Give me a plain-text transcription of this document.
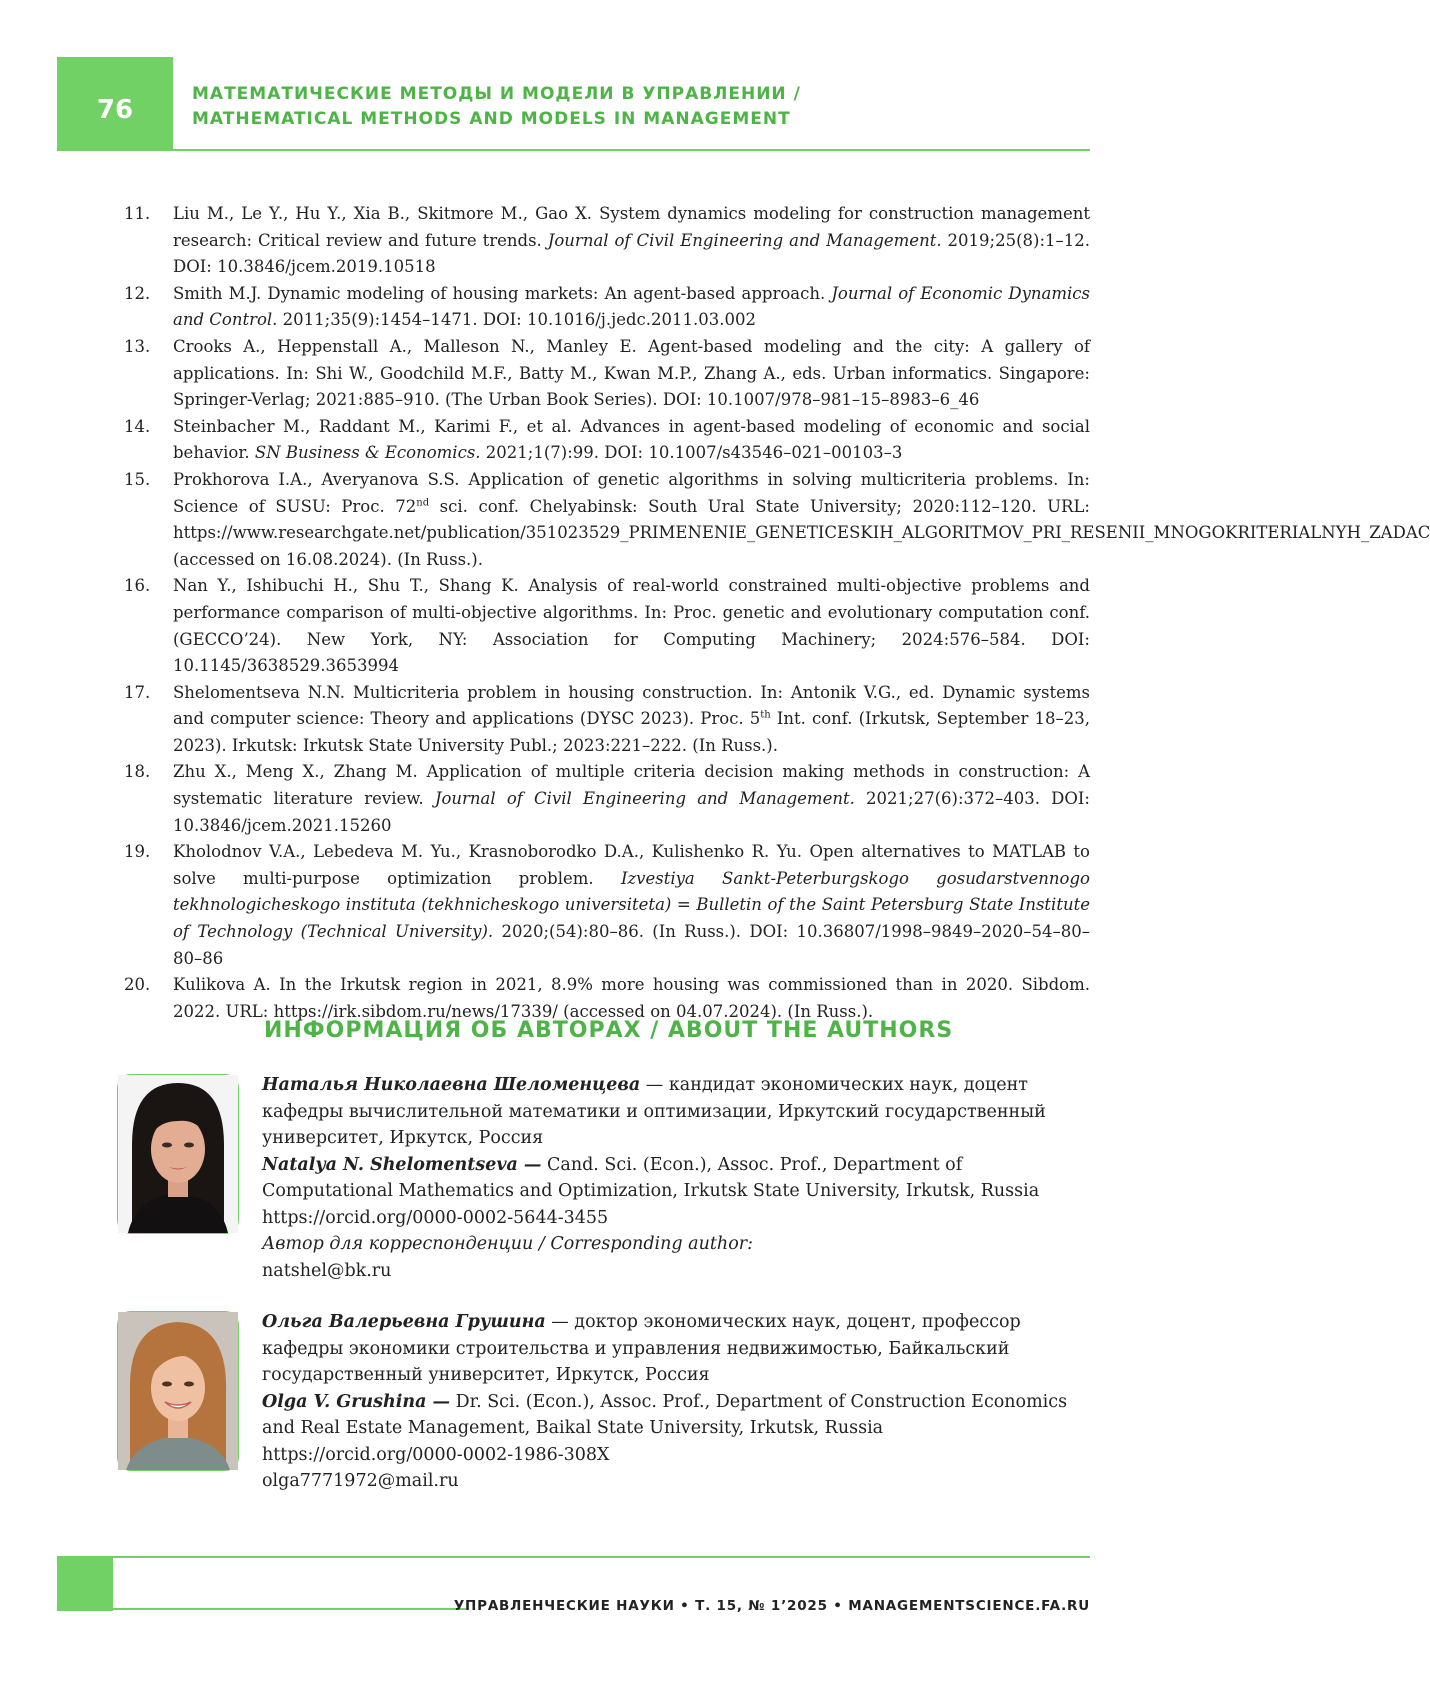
76
МАТЕМАТИЧЕСКИЕ МЕТОДЫ И МОДЕЛИ В УПРАВЛЕНИИ /
MATHEMATICAL METHODS AND MODELS IN MANAGEMENT
11. Liu M., Le Y., Hu Y., Xia B., Skitmore M., Gao X. System dynamics modeling for construction management research: Critical review and future trends. Journal of Civil Engineering and Management. 2019;25(8):1–12. DOI: 10.3846/jcem.2019.10518
12. Smith M.J. Dynamic modeling of housing markets: An agent-based approach. Journal of Economic Dynamics and Control. 2011;35(9):1454–1471. DOI: 10.1016/j.jedc.2011.03.002
13. Crooks A., Heppenstall A., Malleson N., Manley E. Agent-based modeling and the city: A gallery of applications. In: Shi W., Goodchild M.F., Batty M., Kwan M.P., Zhang A., eds. Urban informatics. Singapore: Springer-Verlag; 2021:885–910. (The Urban Book Series). DOI: 10.1007/978–981–15–8983–6_46
14. Steinbacher M., Raddant M., Karimi F., et al. Advances in agent-based modeling of economic and social behavior. SN Business & Economics. 2021;1(7):99. DOI: 10.1007/s43546–021–00103–3
15. Prokhorova I.A., Averyanova S.S. Application of genetic algorithms in solving multicriteria problems. In: Science of SUSU: Proc. 72nd sci. conf. Chelyabinsk: South Ural State University; 2020:112–120. URL: https://www.researchgate.net/publication/351023529_PRIMENENIE_GENETICESKIH_ALGORITMOV_PRI_RESENII_MNOGOKRITERIALNYH_ZADAC (accessed on 16.08.2024). (In Russ.).
16. Nan Y., Ishibuchi H., Shu T., Shang K. Analysis of real-world constrained multi-objective problems and performance comparison of multi-objective algorithms. In: Proc. genetic and evolutionary computation conf. (GECCO’24). New York, NY: Association for Computing Machinery; 2024:576–584. DOI: 10.1145/3638529.3653994
17. Shelomentseva N.N. Multicriteria problem in housing construction. In: Antonik V.G., ed. Dynamic systems and computer science: Theory and applications (DYSC 2023). Proc. 5th Int. conf. (Irkutsk, September 18–23, 2023). Irkutsk: Irkutsk State University Publ.; 2023:221–222. (In Russ.).
18. Zhu X., Meng X., Zhang M. Application of multiple criteria decision making methods in construction: A systematic literature review. Journal of Civil Engineering and Management. 2021;27(6):372–403. DOI: 10.3846/jcem.2021.15260
19. Kholodnov V.A., Lebedeva M. Yu., Krasnoborodko D.A., Kulishenko R. Yu. Open alternatives to MATLAB to solve multi-purpose optimization problem. Izvestiya Sankt-Peterburgskogo gosudarstvennogo tekhnologicheskogo instituta (tekhnicheskogo universiteta) = Bulletin of the Saint Petersburg State Institute of Technology (Technical University). 2020;(54):80–86. (In Russ.). DOI: 10.36807/1998–9849–2020–54–80–80–86
20. Kulikova A. In the Irkutsk region in 2021, 8.9% more housing was commissioned than in 2020. Sibdom. 2022. URL: https://irk.sibdom.ru/news/17339/ (accessed on 04.07.2024). (In Russ.).
ИНФОРМАЦИЯ ОБ АВТОРАХ / ABOUT THE AUTHORS
Наталья Николаевна Шеломенцева — кандидат экономических наук, доцент кафедры вычислительной математики и оптимизации, Иркутский государственный университет, Иркутск, Россия
Natalya N. Shelomentseva — Cand. Sci. (Econ.), Assoc. Prof., Department of Computational Mathematics and Optimization, Irkutsk State University, Irkutsk, Russia
https://orcid.org/0000-0002-5644-3455
Автор для корреспонденции / Corresponding author:
natshel@bk.ru
Ольга Валерьевна Грушина — доктор экономических наук, доцент, профессор кафедры экономики строительства и управления недвижимостью, Байкальский государственный университет, Иркутск, Россия
Olga V. Grushina — Dr. Sci. (Econ.), Assoc. Prof., Department of Construction Economics and Real Estate Management, Baikal State University, Irkutsk, Russia
https://orcid.org/0000-0002-1986-308X
olga7771972@mail.ru
УПРАВЛЕНЧЕСКИЕ НАУКИ • Т. 15, № 1’2025 • MANAGEMENTSCIENCE.FA.RU
